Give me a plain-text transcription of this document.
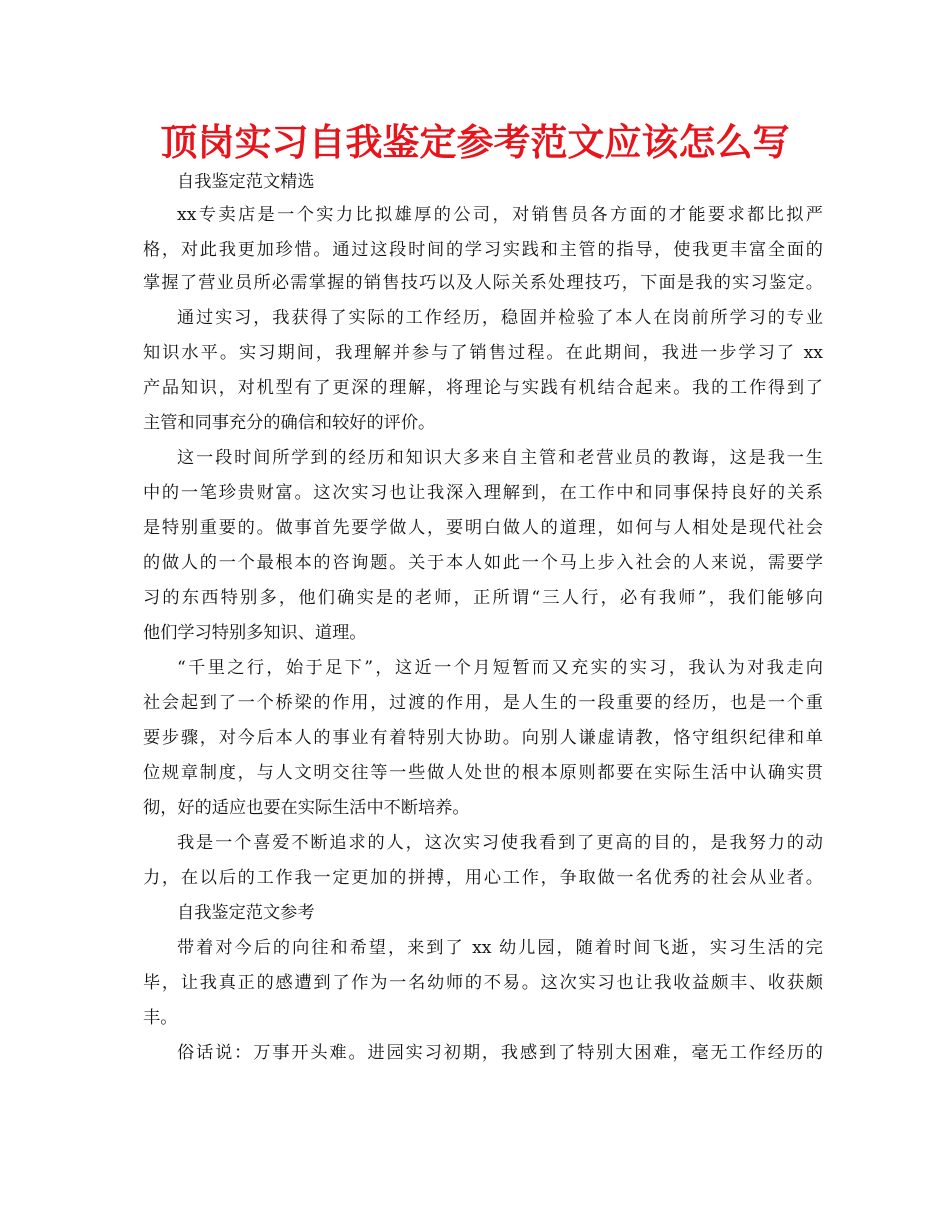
顶岗实习自我鉴定参考范文应该怎么写
自我鉴定范文精选
xx专卖店是一个实力比拟雄厚的公司，对销售员各方面的才能要求都比拟严
格，对此我更加珍惜。通过这段时间的学习实践和主管的指导，使我更丰富全面的
掌握了营业员所必需掌握的销售技巧以及人际关系处理技巧，下面是我的实习鉴定。
通过实习，我获得了实际的工作经历，稳固并检验了本人在岗前所学习的专业
知识水平。实习期间，我理解并参与了销售过程。在此期间，我进一步学习了 xx
产品知识，对机型有了更深的理解，将理论与实践有机结合起来。我的工作得到了
主管和同事充分的确信和较好的评价。
这一段时间所学到的经历和知识大多来自主管和老营业员的教诲，这是我一生
中的一笔珍贵财富。这次实习也让我深入理解到，在工作中和同事保持良好的关系
是特别重要的。做事首先要学做人，要明白做人的道理，如何与人相处是现代社会
的做人的一个最根本的咨询题。关于本人如此一个马上步入社会的人来说，需要学
习的东西特别多，他们确实是的老师，正所谓“三人行，必有我师”，我们能够向
他们学习特别多知识、道理。
“千里之行，始于足下”，这近一个月短暂而又充实的实习，我认为对我走向
社会起到了一个桥梁的作用，过渡的作用，是人生的一段重要的经历，也是一个重
要步骤，对今后本人的事业有着特别大协助。向别人谦虚请教，恪守组织纪律和单
位规章制度，与人文明交往等一些做人处世的根本原则都要在实际生活中认确实贯
彻，好的适应也要在实际生活中不断培养。
我是一个喜爱不断追求的人，这次实习使我看到了更高的目的，是我努力的动
力，在以后的工作我一定更加的拼搏，用心工作，争取做一名优秀的社会从业者。
自我鉴定范文参考
带着对今后的向往和希望，来到了 xx 幼儿园，随着时间飞逝，实习生活的完
毕，让我真正的感遭到了作为一名幼师的不易。这次实习也让我收益颇丰、收获颇
丰。
俗话说：万事开头难。进园实习初期，我感到了特别大困难，毫无工作经历的
